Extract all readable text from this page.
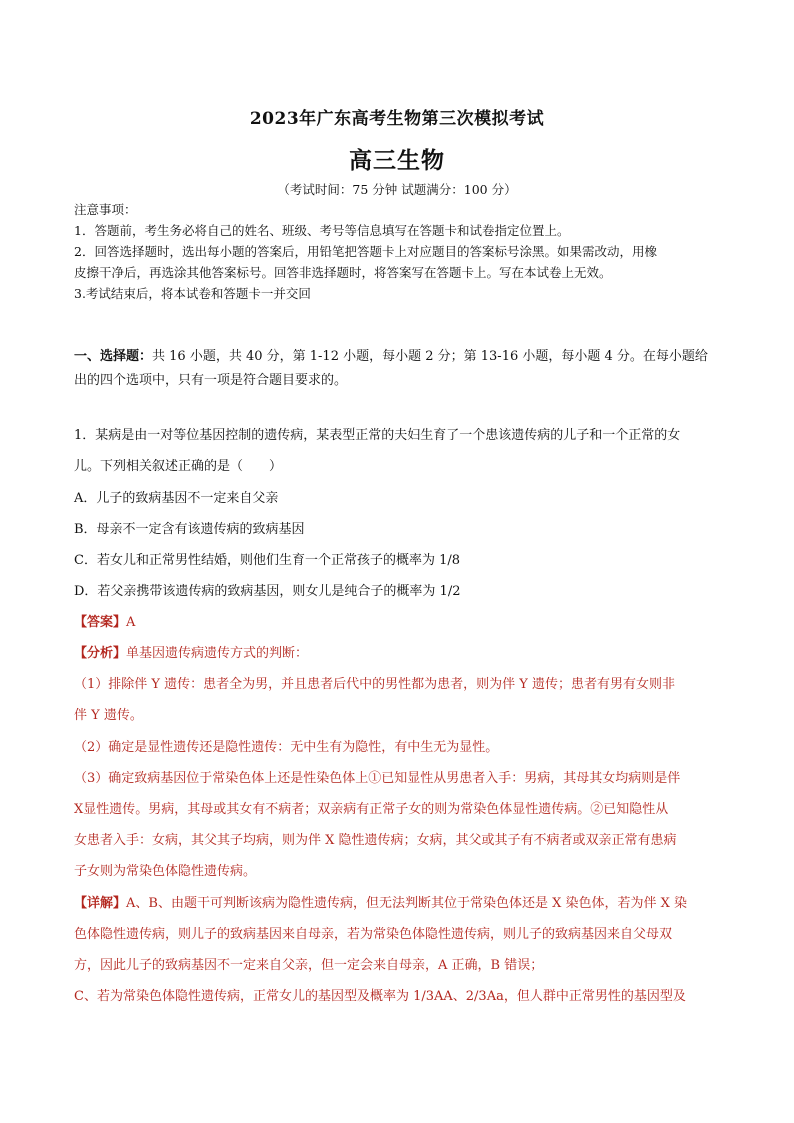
2023年广东高考生物第三次模拟考试
高三生物
（考试时间：75 分钟 试题满分：100 分）
注意事项：
1．答题前，考生务必将自己的姓名、班级、考号等信息填写在答题卡和试卷指定位置上。
2．回答选择题时，选出每小题的答案后，用铅笔把答题卡上对应题目的答案标号涂黑。如果需改动，用橡
皮擦干净后，再选涂其他答案标号。回答非选择题时，将答案写在答题卡上。写在本试卷上无效。
3.考试结束后，将本试卷和答题卡一并交回
一、选择题：共 16 小题，共 40 分，第 1-12 小题，每小题 2 分；第 13-16 小题，每小题 4 分。在每小题给
出的四个选项中，只有一项是符合题目要求的。
1．某病是由一对等位基因控制的遗传病，某表型正常的夫妇生育了一个患该遗传病的儿子和一个正常的女
儿。下列相关叙述正确的是（　　）
A．儿子的致病基因不一定来自父亲
B．母亲不一定含有该遗传病的致病基因
C．若女儿和正常男性结婚，则他们生育一个正常孩子的概率为 1/8
D．若父亲携带该遗传病的致病基因，则女儿是纯合子的概率为 1/2
【答案】A
【分析】单基因遗传病遗传方式的判断：
（1）排除伴 Y 遗传：患者全为男，并且患者后代中的男性都为患者，则为伴 Y 遗传；患者有男有女则非
伴 Y 遗传。
（2）确定是显性遗传还是隐性遗传：无中生有为隐性，有中生无为显性。
（3）确定致病基因位于常染色体上还是性染色体上①已知显性从男患者入手：男病，其母其女均病则是伴
X显性遗传。男病，其母或其女有不病者；双亲病有正常子女的则为常染色体显性遗传病。②已知隐性从
女患者入手：女病，其父其子均病，则为伴 X 隐性遗传病；女病，其父或其子有不病者或双亲正常有患病
子女则为常染色体隐性遗传病。
【详解】A、B、由题干可判断该病为隐性遗传病，但无法判断其位于常染色体还是 X 染色体，若为伴 X 染
色体隐性遗传病，则儿子的致病基因来自母亲，若为常染色体隐性遗传病，则儿子的致病基因来自父母双
方，因此儿子的致病基因不一定来自父亲，但一定会来自母亲，A 正确，B 错误；
C、若为常染色体隐性遗传病，正常女儿的基因型及概率为 1/3AA、2/3Aa，但人群中正常男性的基因型及
